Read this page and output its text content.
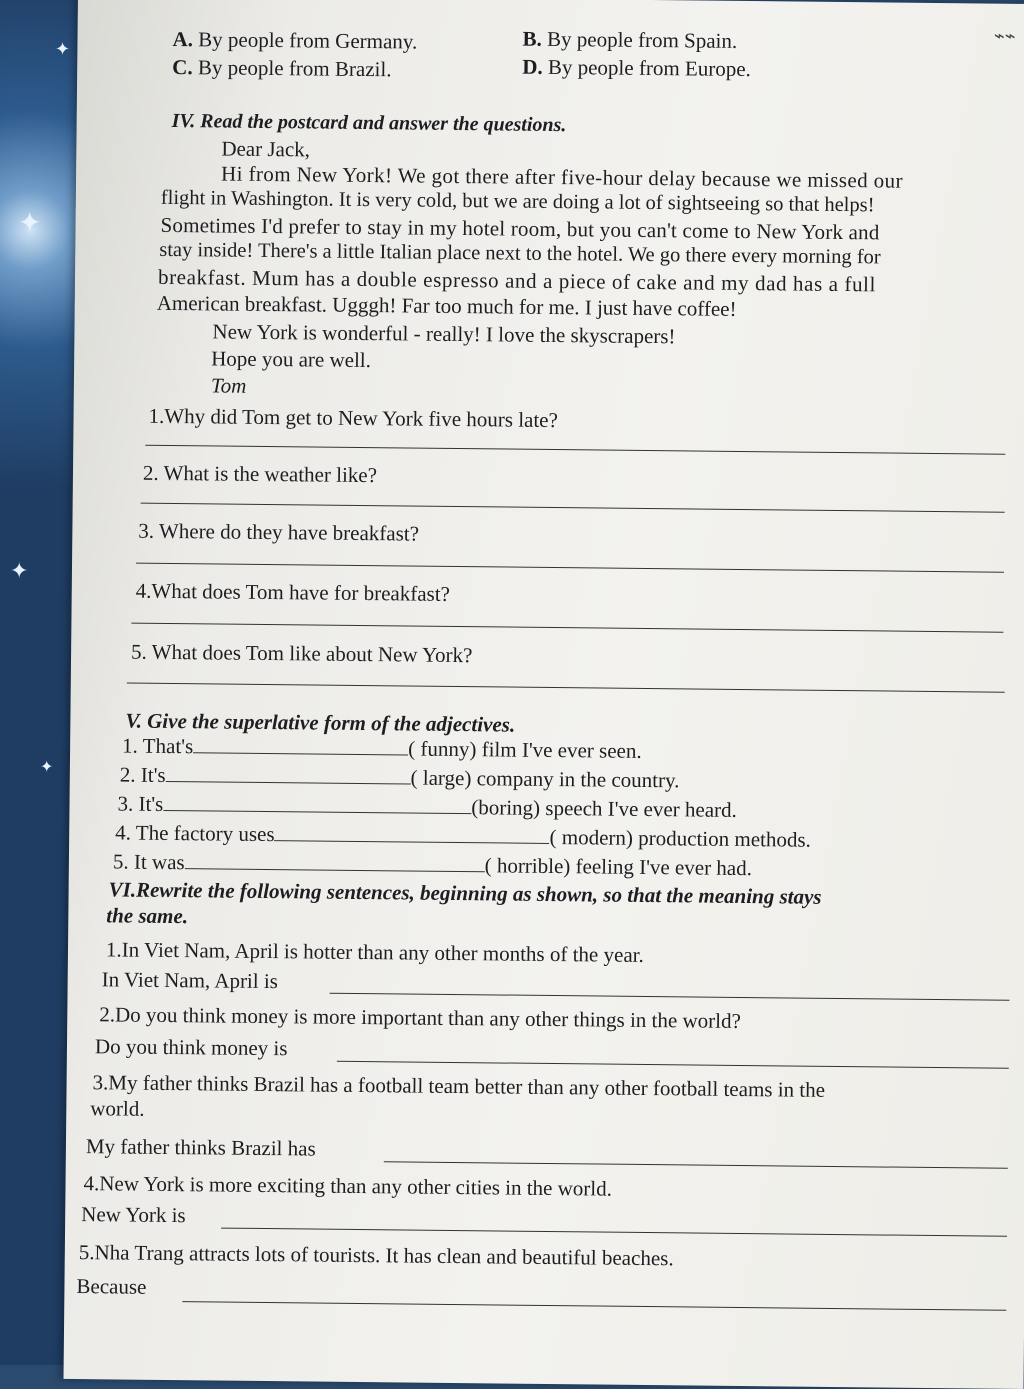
✦
✦
✦
✦
⌁⌁
A. By people from Germany.	B. By people from Spain.
C. By people from Brazil.	D. By people from Europe.
IV. Read the postcard and answer the questions.
Dear Jack,
Hi from New York! We got there after five-hour delay because we missed our
flight in Washington. It is very cold, but we are doing a lot of sightseeing so that helps!
Sometimes I'd prefer to stay in my hotel room, but you can't come to New York and
stay inside! There's a little Italian place next to the hotel. We go there every morning for
breakfast. Mum has a double espresso and a piece of cake and my dad has a full
American breakfast. Ugggh! Far too much for me. I just have coffee!
New York is wonderful - really! I love the skyscrapers!
Hope you are well.
Tom
1.Why did Tom get to New York five hours late?
2. What is the weather like?
3. Where do they have breakfast?
4.What does Tom have for breakfast?
5. What does Tom like about New York?
V. Give the superlative form of the adjectives.
1. That's	( funny) film I've ever seen.
2. It's	( large) company in the country.
3. It's	(boring) speech I've ever heard.
4. The factory uses	( modern) production methods.
5. It was	( horrible) feeling I've ever had.
VI.Rewrite the following sentences, beginning as shown, so that the meaning stays
the same.
1.In Viet Nam, April is hotter than any other months of the year.
In Viet Nam, April is
2.Do you think money is more important than any other things in the world?
Do you think money is
3.My father thinks Brazil has a football team better than any other football teams in the
world.
My father thinks Brazil has
4.New York is more exciting than any other cities in the world.
New York is
5.Nha Trang attracts lots of tourists. It has clean and beautiful beaches.
Because
